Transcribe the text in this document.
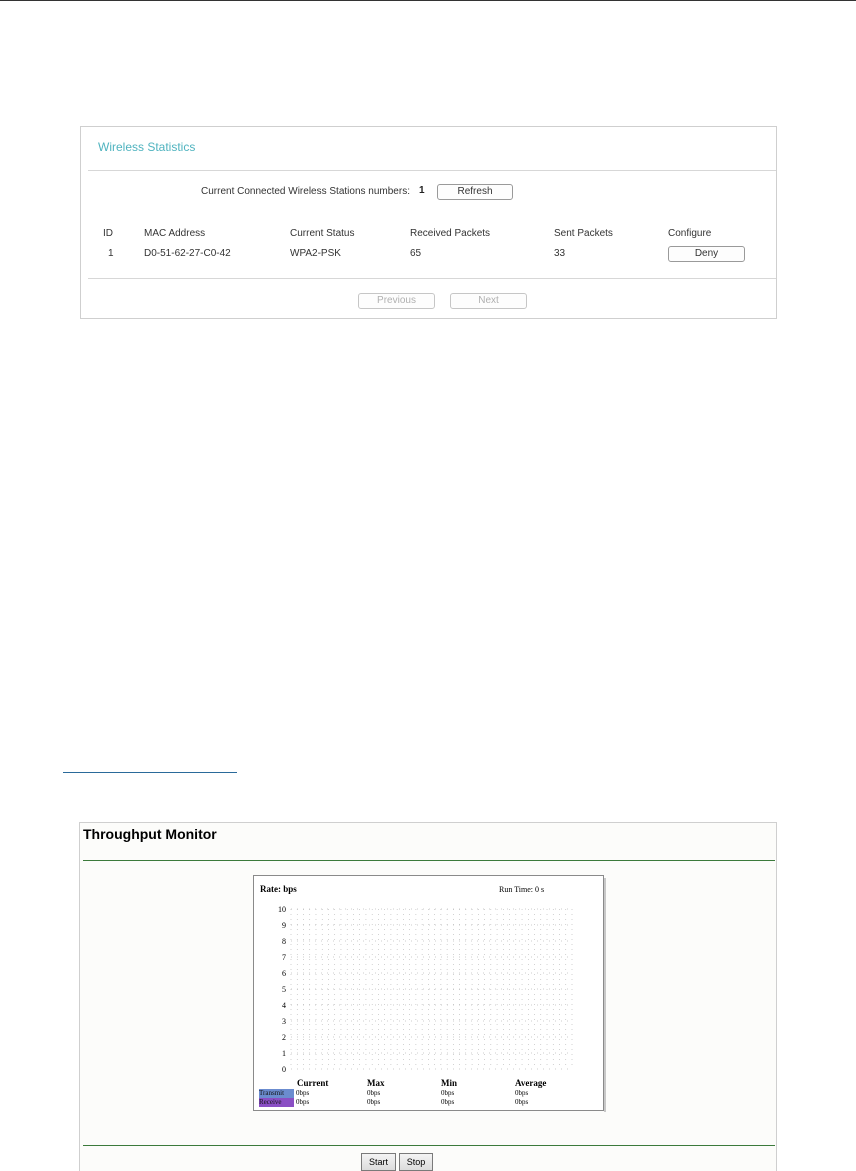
Wireless Statistics
Current Connected Wireless Stations numbers: 1	Refresh
ID	MAC Address	Current Status	Received Packets	Sent Packets	Configure
1	D0-51-62-27-C0-42	WPA2-PSK	65	33	Deny
Previous	Next
Throughput Monitor
Rate: bps	Run Time: 0 s
0
1
2
3
4
5
6
7
8
9
10
Current	Max	Min	Average
Transmit	0bps	0bps	0bps	0bps
Receive	0bps	0bps	0bps	0bps
Start	Stop
